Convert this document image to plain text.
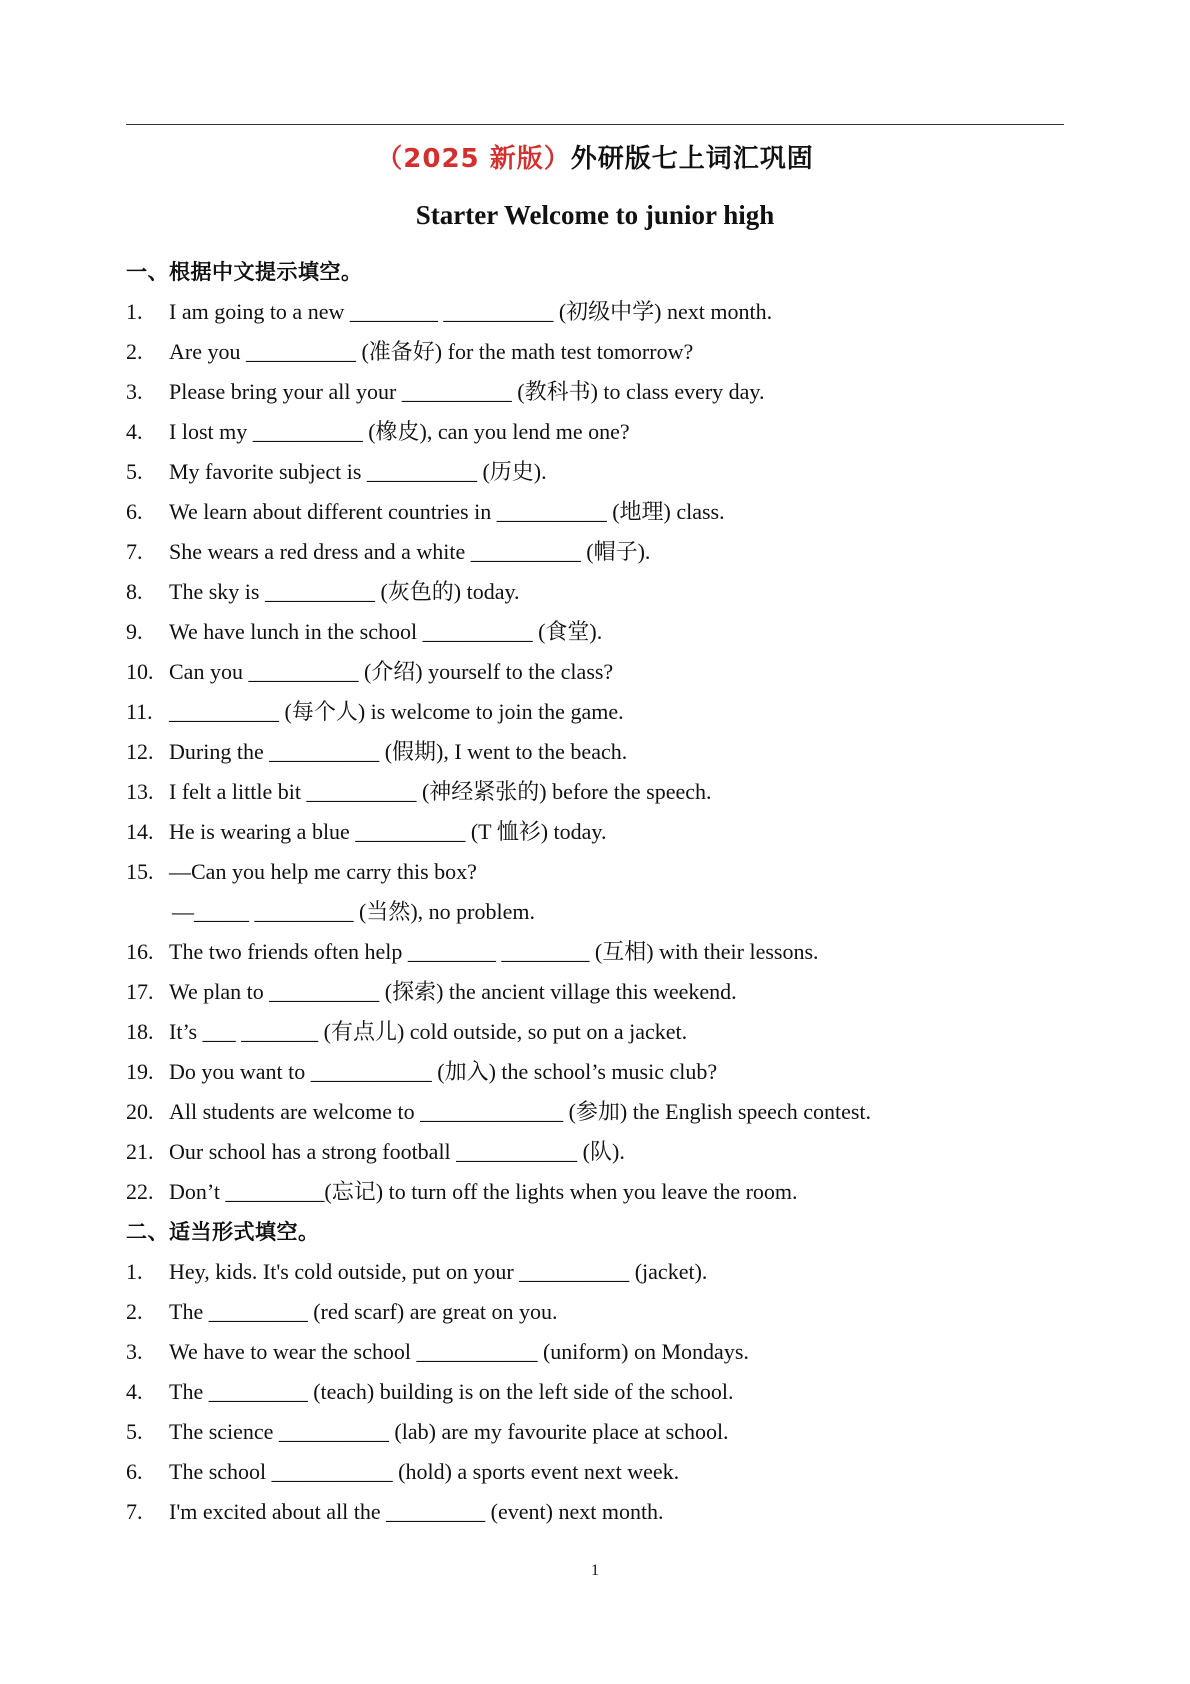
（2025 新版）外研版七上词汇巩固
Starter Welcome to junior high
一、根据中文提示填空。
1. I am going to a new ________ __________ (初级中学) next month.
2. Are you __________ (准备好) for the math test tomorrow?
3. Please bring your all your __________ (教科书) to class every day.
4. I lost my __________ (橡皮), can you lend me one?
5. My favorite subject is __________ (历史).
6. We learn about different countries in __________ (地理) class.
7. She wears a red dress and a white __________ (帽子).
8. The sky is __________ (灰色的) today.
9. We have lunch in the school __________ (食堂).
10. Can you __________ (介绍) yourself to the class?
11. __________ (每个人) is welcome to join the game.
12. During the __________ (假期), I went to the beach.
13. I felt a little bit __________ (神经紧张的) before the speech.
14. He is wearing a blue __________ (T 恤衫) today.
15. —Can you help me carry this box?
—_____ _________ (当然), no problem.
16. The two friends often help ________ ________ (互相) with their lessons.
17. We plan to __________ (探索) the ancient village this weekend.
18. It’s ___ _______ (有点儿) cold outside, so put on a jacket.
19. Do you want to ___________ (加入) the school’s music club?
20. All students are welcome to _____________ (参加) the English speech contest.
21. Our school has a strong football ___________ (队).
22. Don’t _________(忘记) to turn off the lights when you leave the room.
二、适当形式填空。
1. Hey, kids. It's cold outside, put on your __________ (jacket).
2. The _________ (red scarf) are great on you.
3. We have to wear the school ___________ (uniform) on Mondays.
4. The _________ (teach) building is on the left side of the school.
5. The science __________ (lab) are my favourite place at school.
6. The school ___________ (hold) a sports event next week.
7. I'm excited about all the _________ (event) next month.
1
